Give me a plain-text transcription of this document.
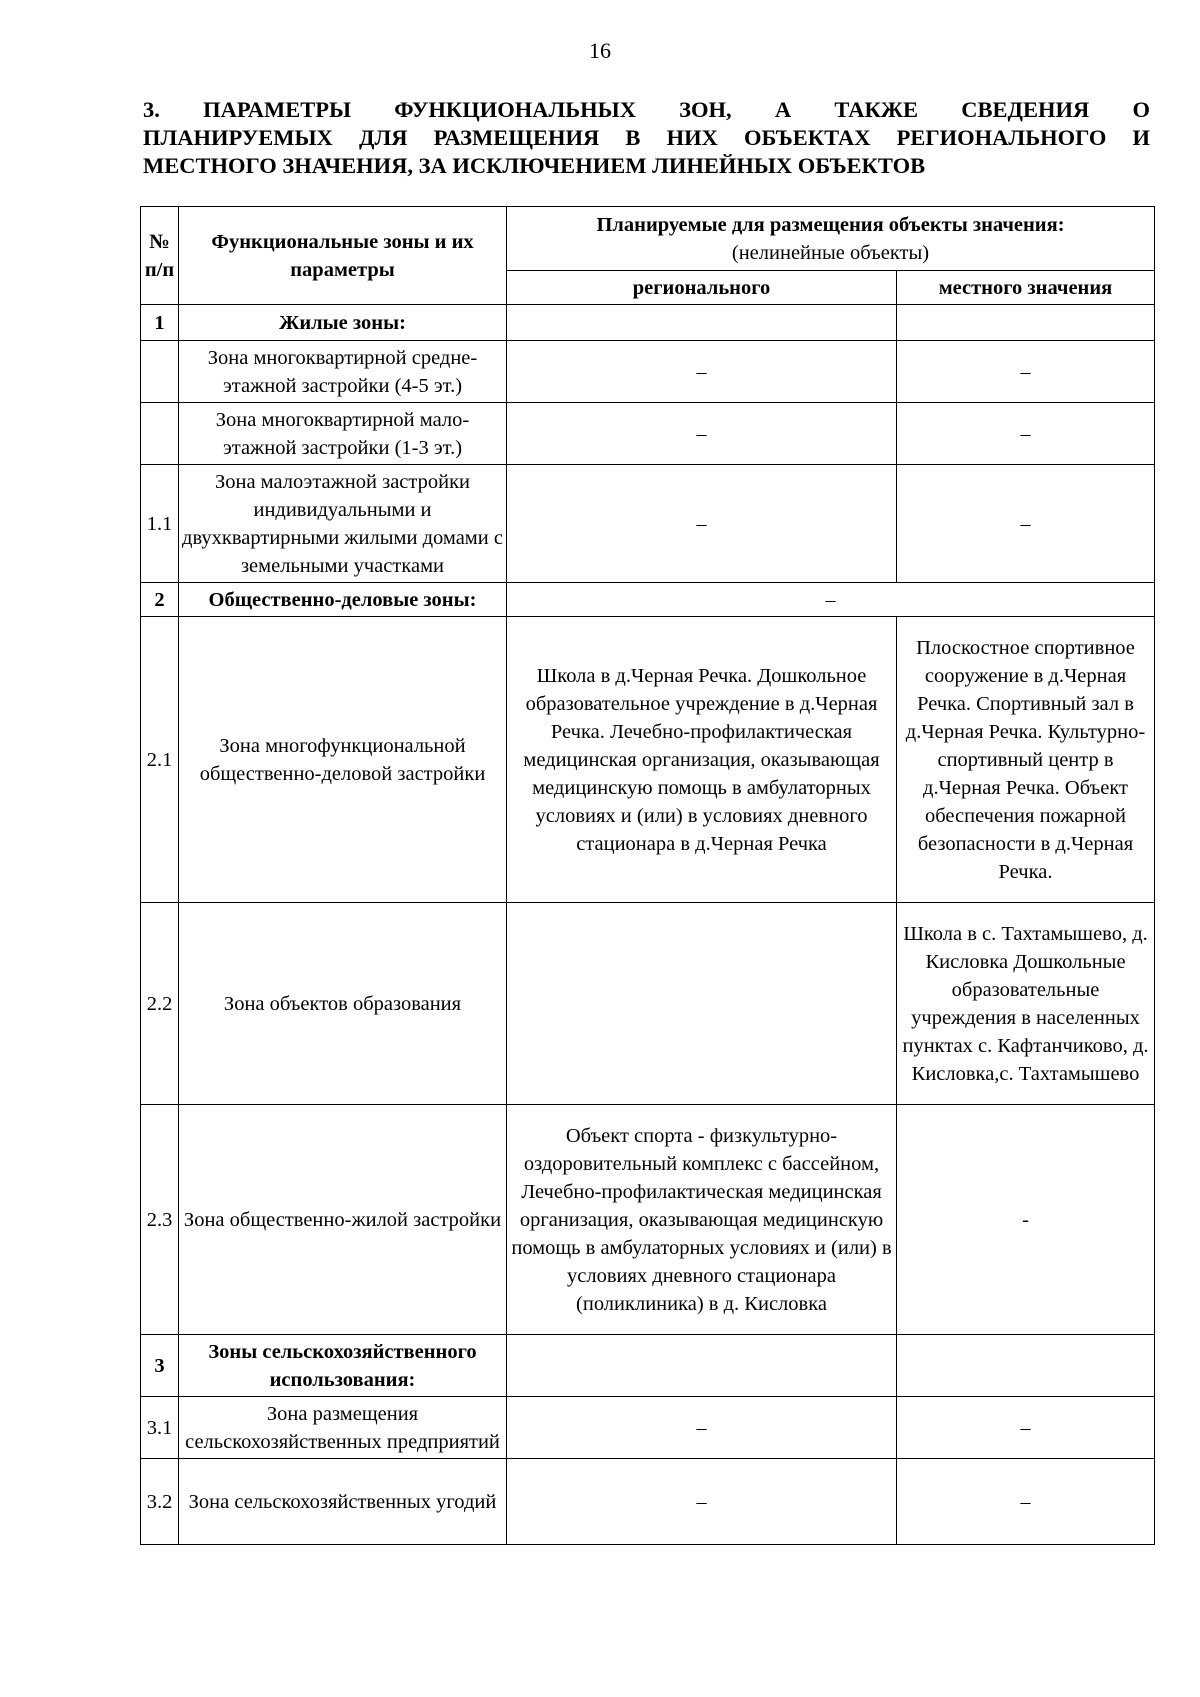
16
3. ПАРАМЕТРЫ ФУНКЦИОНАЛЬНЫХ ЗОН, А ТАКЖЕ СВЕДЕНИЯ О
ПЛАНИРУЕМЫХ ДЛЯ РАЗМЕЩЕНИЯ В НИХ ОБЪЕКТАХ РЕГИОНАЛЬНОГО И
МЕСТНОГО ЗНАЧЕНИЯ, ЗА ИСКЛЮЧЕНИЕМ ЛИНЕЙНЫХ ОБЪЕКТОВ
№ п/п	Функциональные зоны и их параметры	Планируемые для размещения объекты значения:
(нелинейные объекты)	

		регионального	местного значения
1	Жилые зоны:		
	Зона многоквартирной средне-этажной застройки (4-5 эт.)	–	–
	Зона многоквартирной мало-этажной застройки (1-3 эт.)	–	–
1.1	Зона малоэтажной застройки индивидуальными и двухквартирными жилыми домами с земельными участками	–	–
2	Общественно-деловые зоны:	–	
2.1	Зона многофункциональной общественно-деловой застройки	Школа в д.Черная Речка. Дошкольное образовательное учреждение в д.Черная Речка. Лечебно-профилактическая медицинская организация, оказывающая медицинскую помощь в амбулаторных условиях и (или) в условиях дневного стационара в д.Черная Речка	Плоскостное спортивное сооружение в д.Черная Речка. Спортивный зал в д.Черная Речка. Культурно-спортивный центр в д.Черная Речка. Объект обеспечения пожарной безопасности в д.Черная Речка.
2.2	Зона объектов образования		Школа в с. Тахтамышево, д. Кисловка Дошкольные образовательные учреждения в населенных пунктах с. Кафтанчиково, д. Кисловка,с. Тахтамышево
2.3	Зона общественно-жилой застройки	Объект спорта - физкультурно-оздоровительный комплекс с бассейном, Лечебно-профилактическая медицинская организация, оказывающая медицинскую помощь в амбулаторных условиях и (или) в условиях дневного стационара (поликлиника) в д. Кисловка	-
3	Зоны сельскохозяйственного использования:		
3.1	Зона размещения сельскохозяйственных предприятий	–	–
3.2	Зона сельскохозяйственных угодий	–	–
